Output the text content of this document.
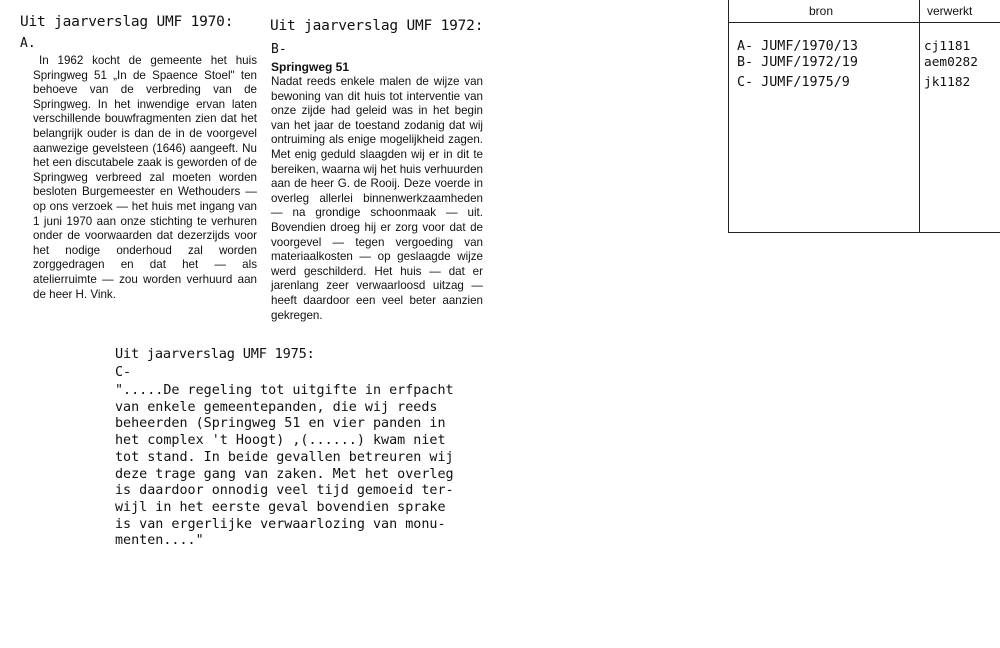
Uit jaarverslag UMF 1970:
A.

In 1962 kocht de gemeente het huis Springweg 51 „In de Spaence Stoel" ten behoeve van de verbreding van de Springweg. In het inwendige ervan laten verschillende bouwfragmenten zien dat het belangrijk ouder is dan de in de voorgevel aanwezige gevelsteen (1646) aangeeft. Nu het een discutabele zaak is geworden of de Springweg verbreed zal moeten worden besloten Burgemeester en Wethouders — op ons verzoek — het huis met ingang van 1 juni 1970 aan onze stichting te verhuren onder de voorwaarden dat dezerzijds voor het nodige onderhoud zal worden zorggedragen en dat het — als atelierruimte — zou worden verhuurd aan de heer H. Vink.

Uit jaarverslag UMF 1972:
B-
Springweg 51

Nadat reeds enkele malen de wijze van bewoning van dit huis tot interventie van onze zijde had geleid was in het begin van het jaar de toestand zodanig dat wij ontruiming als enige mogelijkheid zagen. Met enig geduld slaagden wij er in dit te bereiken, waarna wij het huis verhuurden aan de heer G. de Rooij. Deze voerde in overleg allerlei binnenwerkzaamheden — na grondige schoonmaak — uit. Bovendien droeg hij er zorg voor dat de voorgevel — tegen vergoeding van materiaalkosten — op geslaagde wijze werd geschilderd. Het huis — dat er jarenlang zeer verwaarloosd uitzag — heeft daardoor een veel beter aanzien gekregen.

Uit jaarverslag UMF 1975:
C-
".....De regeling tot uitgifte in erfpacht
van enkele gemeentepanden, die wij reeds
beheerden (Springweg 51 en vier panden in
het complex 't Hoogt) ,(......) kwam niet
tot stand. In beide gevallen betreuren wij
deze trage gang van zaken. Met het overleg
is daardoor onnodig veel tijd gemoeid ter-
wijl in het eerste geval bovendien sprake
is van ergerlijke verwaarlozing van monu-
menten...."
bron	verwerkt
A- JUMF/1970/13	cj1181
B- JUMF/1972/19	aem0282
C- JUMF/1975/9	jk1182
